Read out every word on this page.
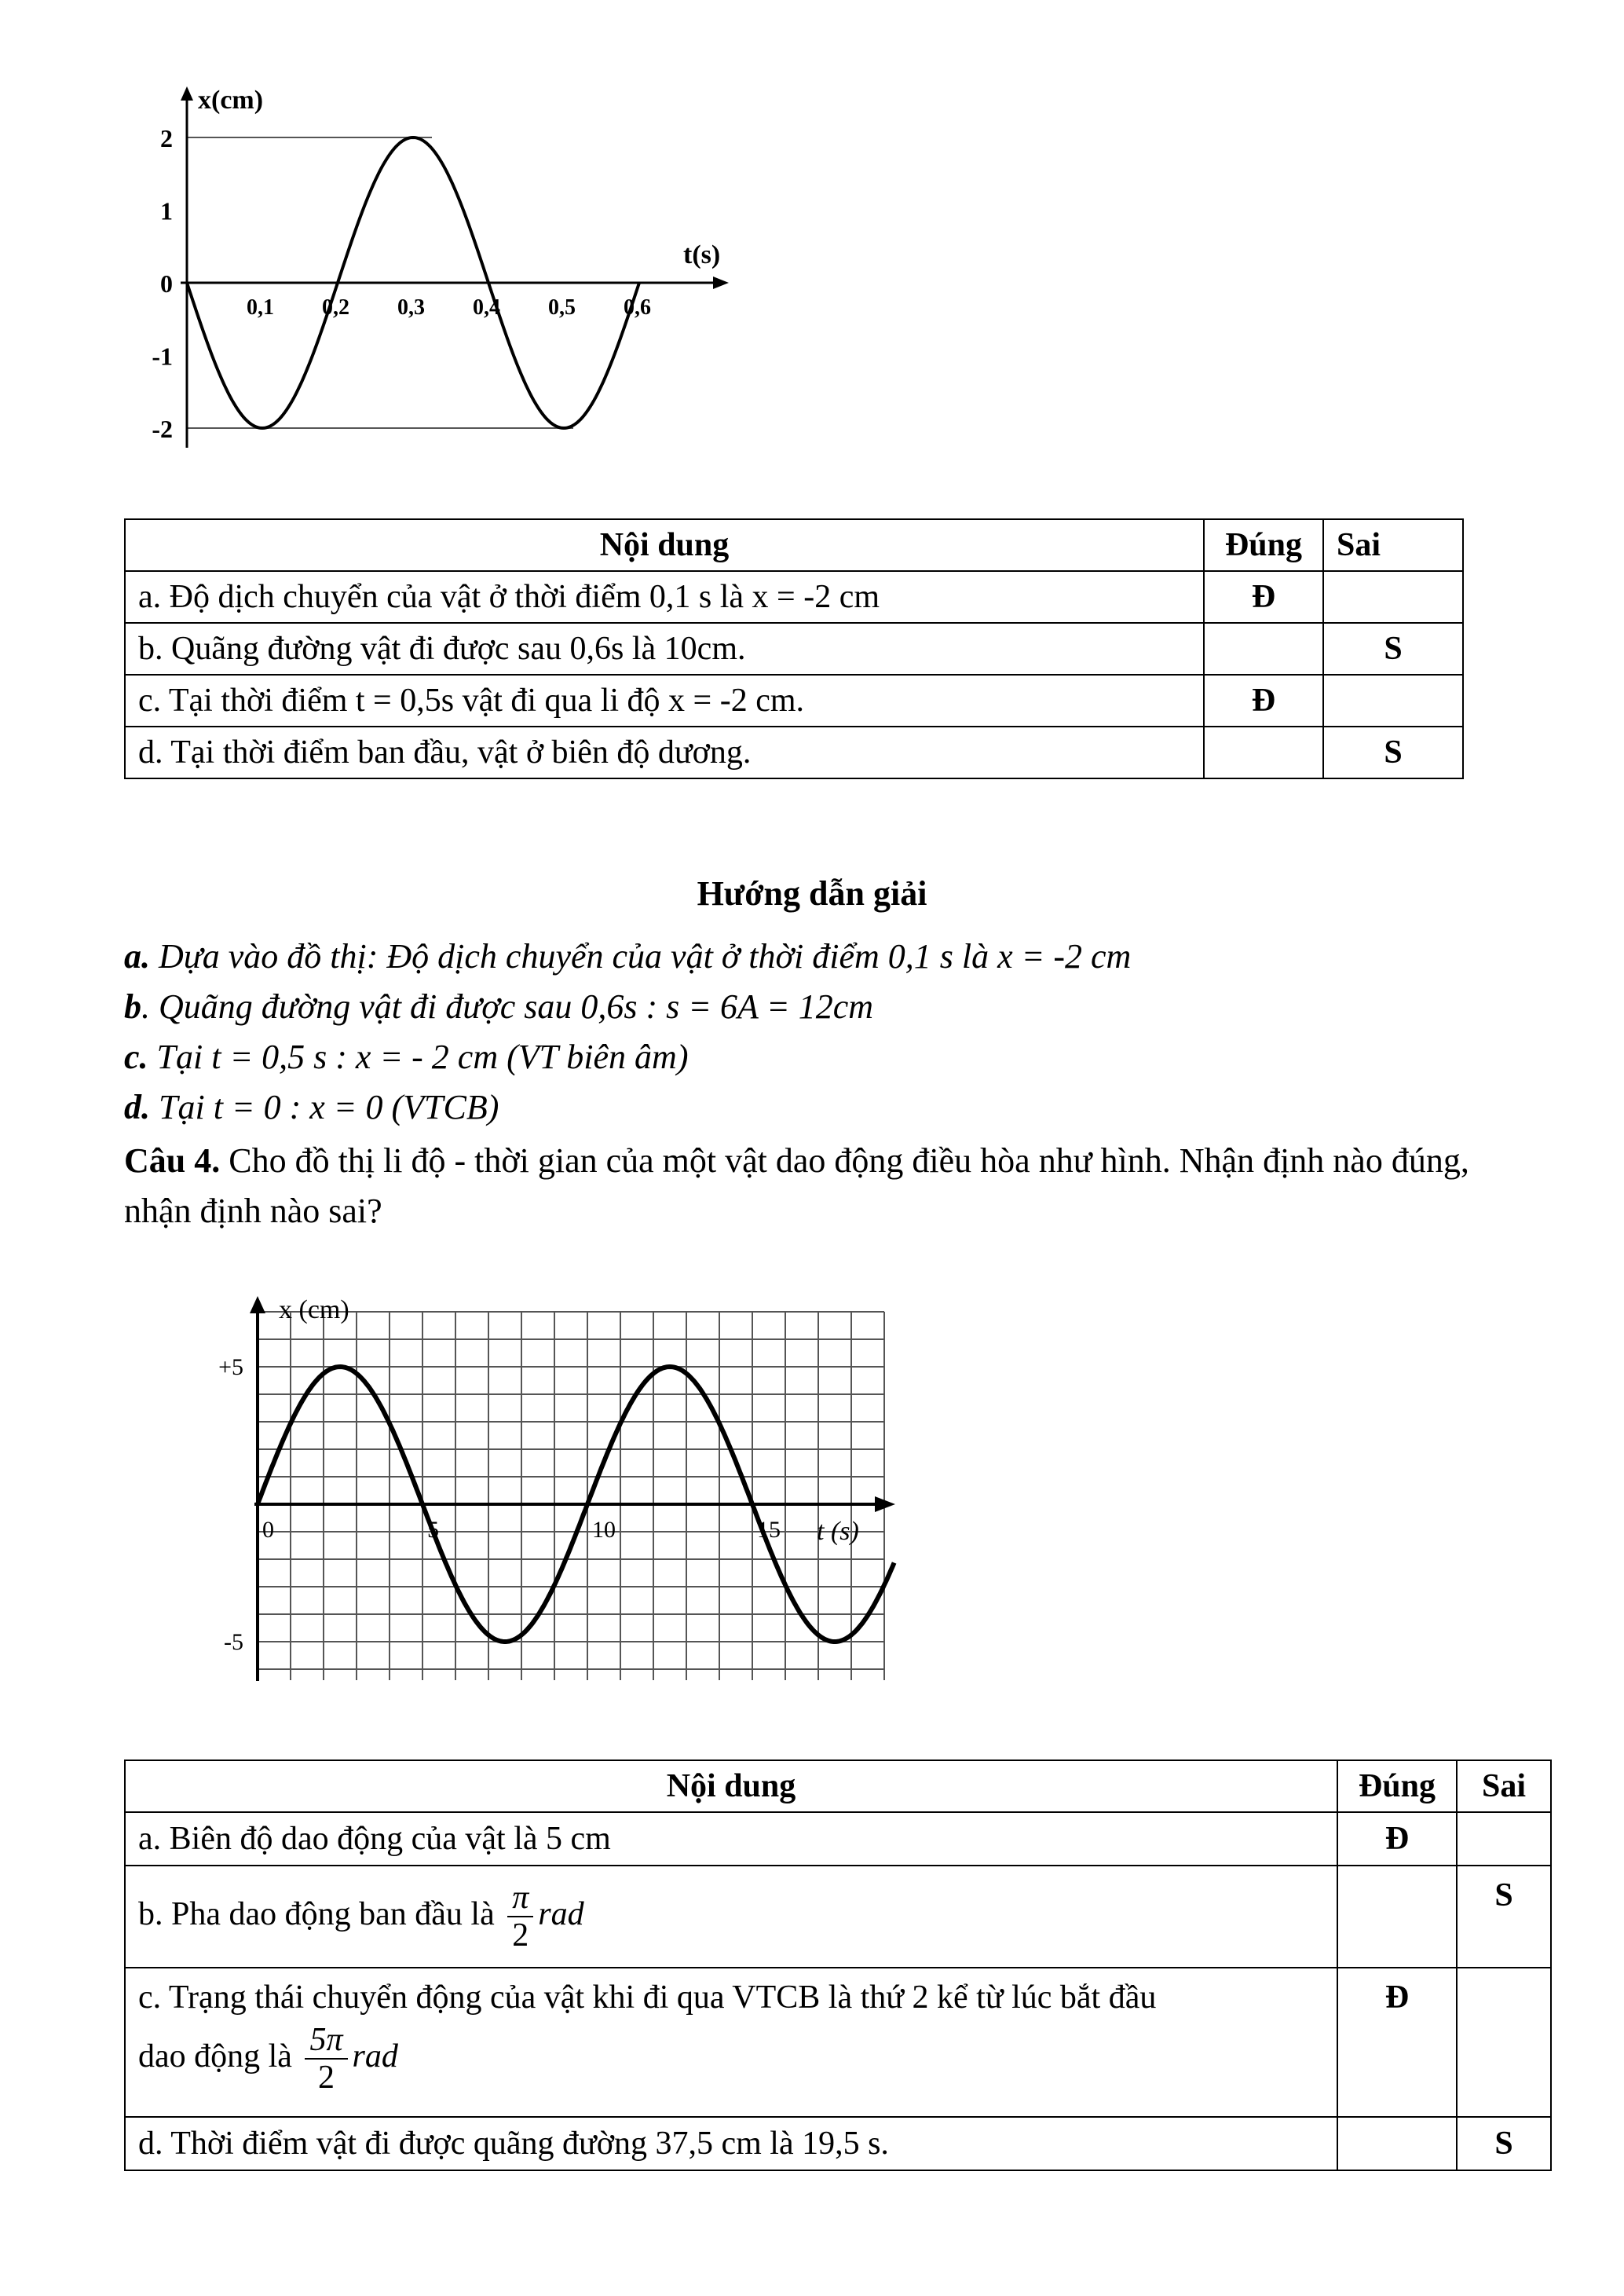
x(cm)
t(s)
2
1
0
-1
-2
0,1 0,2 0,3 0,4 0,5 0,6
Nội dung	Đúng	Sai
a. Độ dịch chuyển của vật ở thời điểm 0,1 s là x = -2 cm	Đ	
b. Quãng đường vật đi được sau 0,6s là 10cm.		S
c. Tại thời điểm t = 0,5s vật đi qua li độ x = -2 cm.	Đ	
d. Tại thời điểm ban đầu, vật ở biên độ dương.		S
Hướng dẫn giải
a. Dựa vào đồ thị: Độ dịch chuyển của vật ở thời điểm 0,1 s là x = -2 cm
b. Quãng đường vật đi được sau 0,6s : s = 6A = 12cm
c. Tại t = 0,5 s : x = - 2 cm (VT biên âm)
d. Tại t = 0 : x = 0 (VTCB)
Câu 4. Cho đồ thị li độ - thời gian của một vật dao động điều hòa như hình. Nhận định nào đúng, nhận định nào sai?
x (cm)
t (s)
+5
-5
0	5	10	15
Nội dung	Đúng	Sai
a. Biên độ dao động của vật là 5 cm	Đ	
b. Pha dao động ban đầu là $\frac{\pi}{2}$ rad		S

c. Trạng thái chuyển động của vật khi đi qua VTCB là thứ 2 kể từ lúc bắt đầu
dao động là $\frac{5\pi}{2}$ rad	Đ	
d. Thời điểm vật đi được quãng đường 37,5 cm là 19,5 s.		S
